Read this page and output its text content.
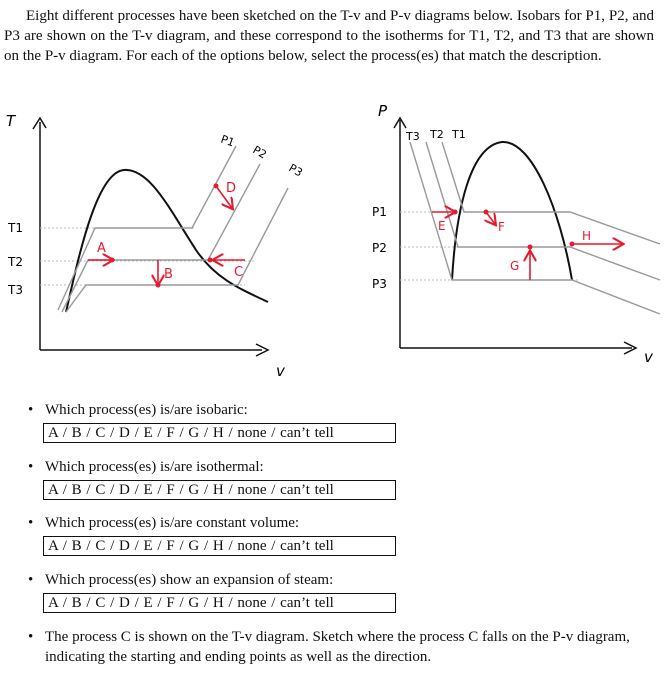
Eight different processes have been sketched on the T-v and P-v diagrams below. Isobars for P1, P2, and P3 are shown on the T-v diagram, and these correspond to the isotherms for T1, T2, and T3 that are shown on the P-v diagram. For each of the options below, select the process(es) that match the description.
T
v
T1
T2
T3
P1
P2
P3
A
B	C
D
P
v
P1
P2
P3
T3 T2 T1
E	F
G
H
• Which process(es) is/are isobaric:
A / B / C / D / E / F / G / H / none / can’t tell
• Which process(es) is/are isothermal:
A / B / C / D / E / F / G / H / none / can’t tell
• Which process(es) is/are constant volume:
A / B / C / D / E / F / G / H / none / can’t tell
• Which process(es) show an expansion of steam:
A / B / C / D / E / F / G / H / none / can’t tell
• The process C is shown on the T-v diagram. Sketch where the process C falls on the P-v diagram, indicating the starting and ending points as well as the direction.
